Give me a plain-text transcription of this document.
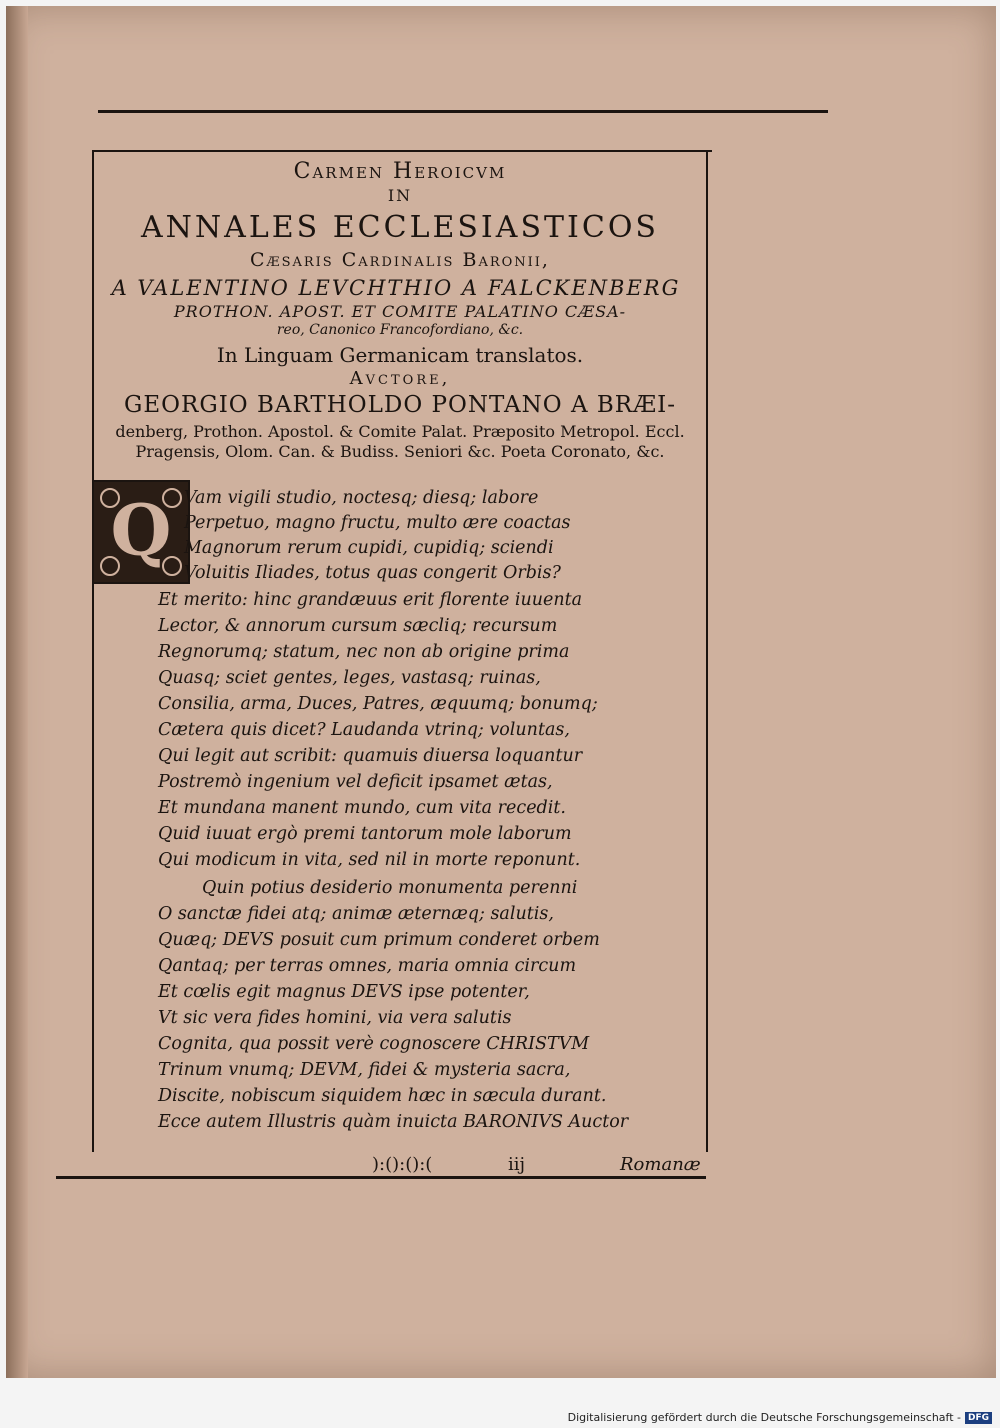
Carmen Heroicvm
IN
ANNALES ECCLESIASTICOS
Cæsaris Cardinalis Baronii,
A VALENTINO LEVCHTHIO A FALCKENBERG
PROTHON. APOST. ET COMITE PALATINO CÆSA-
reo, Canonico Francofordiano, &c.
In Linguam Germanicam translatos.
Avctore,
GEORGIO BARTHOLDO PONTANO A BRÆI-
denberg, Prothon. Apostol. & Comite Palat. Præposito Metropol. Eccl.
Pragensis, Olom. Can. & Budiss. Seniori &c. Poeta Coronato, &c.
Q Vam vigili studio, noctesq; diesq; labore
Perpetuo, magno fructu, multo ære coactas
Magnorum rerum cupidi, cupidiq; sciendi
Voluitis Iliades, totus quas congerit Orbis?
Et merito: hinc grandæuus erit florente iuuenta
Lector, & annorum cursum sæcliq; recursum
Regnorumq; statum, nec non ab origine prima
Quasq; sciet gentes, leges, vastasq; ruinas,
Consilia, arma, Duces, Patres, æquumq; bonumq;
Cætera quis dicet? Laudanda vtrinq; voluntas,
Qui legit aut scribit: quamuis diuersa loquantur
Postremò ingenium vel deficit ipsamet ætas,
Et mundana manent mundo, cum vita recedit.
Quid iuuat ergò premi tantorum mole laborum
Qui modicum in vita, sed nil in morte reponunt.
Quin potius desiderio monumenta perenni
O sanctæ fidei atq; animæ æternæq; salutis,
Quæq; DEVS posuit cum primum conderet orbem
Qantaq; per terras omnes, maria omnia circum
Et cœlis egit magnus DEVS ipse potenter,
Vt sic vera fides homini, via vera salutis
Cognita, qua possit verè cognoscere CHRISTVM
Trinum vnumq; DEVM, fidei & mysteria sacra,
Discite, nobiscum siquidem hæc in sæcula durant.
Ecce autem Illustris quàm inuicta BARONIVS Auctor
):():():(	iij	Romanæ
Digitalisierung gefördert durch die Deutsche Forschungsgemeinschaft - DFG
